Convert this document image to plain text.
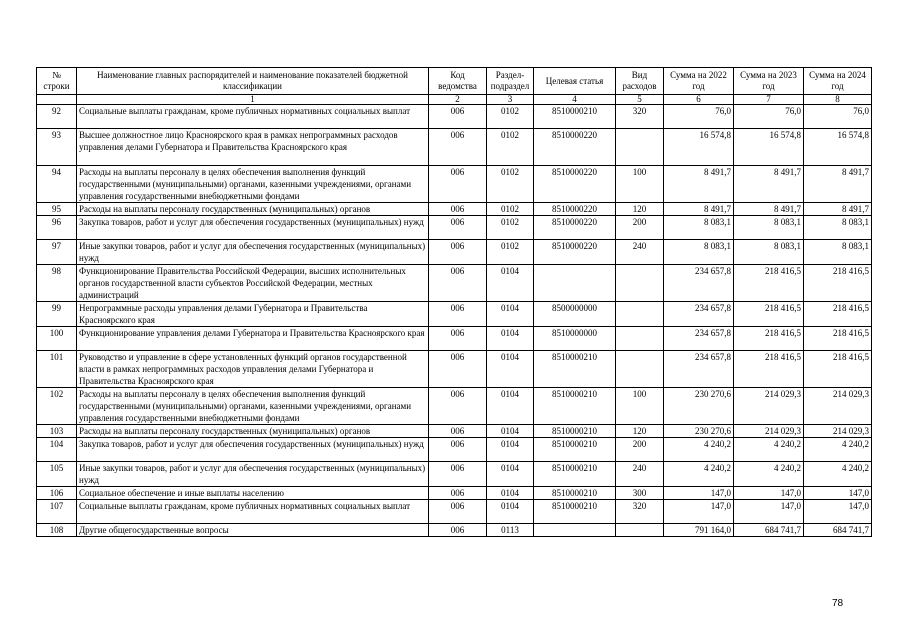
№ строки	Наименование главных распорядителей и наименование показателей бюджетной классификации	Код ведомства	Раздел-подраздел	Целевая статья	Вид расходов	Сумма на 2022 год	Сумма на 2023 год	Сумма на 2024 год
	1	2	3	4	5	6	7	8
92	Социальные выплаты гражданам, кроме публичных нормативных социальных выплат	006	0102	8510000210	320	76,0	76,0	76,0
93	Высшее должностное лицо Красноярского края в рамках непрограммных расходов управления делами Губернатора и Правительства Красноярского края	006	0102	8510000220		16 574,8	16 574,8	16 574,8
94	Расходы на выплаты персоналу в целях обеспечения выполнения функций государственными (муниципальными) органами, казенными учреждениями, органами управления государственными внебюджетными фондами	006	0102	8510000220	100	8 491,7	8 491,7	8 491,7
95	Расходы на выплаты персоналу государственных (муниципальных) органов	006	0102	8510000220	120	8 491,7	8 491,7	8 491,7
96	Закупка товаров, работ и услуг для обеспечения государственных (муниципальных) нужд	006	0102	8510000220	200	8 083,1	8 083,1	8 083,1
97	Иные закупки товаров, работ и услуг для обеспечения государственных (муниципальных) нужд	006	0102	8510000220	240	8 083,1	8 083,1	8 083,1
98	Функционирование Правительства Российской Федерации, высших исполнительных органов государственной власти субъектов Российской Федерации, местных администраций	006	0104			234 657,8	218 416,5	218 416,5
99	Непрограммные расходы управления делами Губернатора и Правительства Красноярского края	006	0104	8500000000		234 657,8	218 416,5	218 416,5
100	Функционирование управления делами Губернатора и Правительства Красноярского края	006	0104	8510000000		234 657,8	218 416,5	218 416,5
101	Руководство и управление в сфере установленных функций органов государственной власти в рамках непрограммных расходов управления делами Губернатора и Правительства Красноярского края	006	0104	8510000210		234 657,8	218 416,5	218 416,5
102	Расходы на выплаты персоналу в целях обеспечения выполнения функций государственными (муниципальными) органами, казенными учреждениями, органами управления государственными внебюджетными фондами	006	0104	8510000210	100	230 270,6	214 029,3	214 029,3
103	Расходы на выплаты персоналу государственных (муниципальных) органов	006	0104	8510000210	120	230 270,6	214 029,3	214 029,3
104	Закупка товаров, работ и услуг для обеспечения государственных (муниципальных) нужд	006	0104	8510000210	200	4 240,2	4 240,2	4 240,2
105	Иные закупки товаров, работ и услуг для обеспечения государственных (муниципальных) нужд	006	0104	8510000210	240	4 240,2	4 240,2	4 240,2
106	Социальное обеспечение и иные выплаты населению	006	0104	8510000210	300	147,0	147,0	147,0
107	Социальные выплаты гражданам, кроме публичных нормативных социальных выплат	006	0104	8510000210	320	147,0	147,0	147,0
108	Другие общегосударственные вопросы	006	0113			791 164,0	684 741,7	684 741,7
78
